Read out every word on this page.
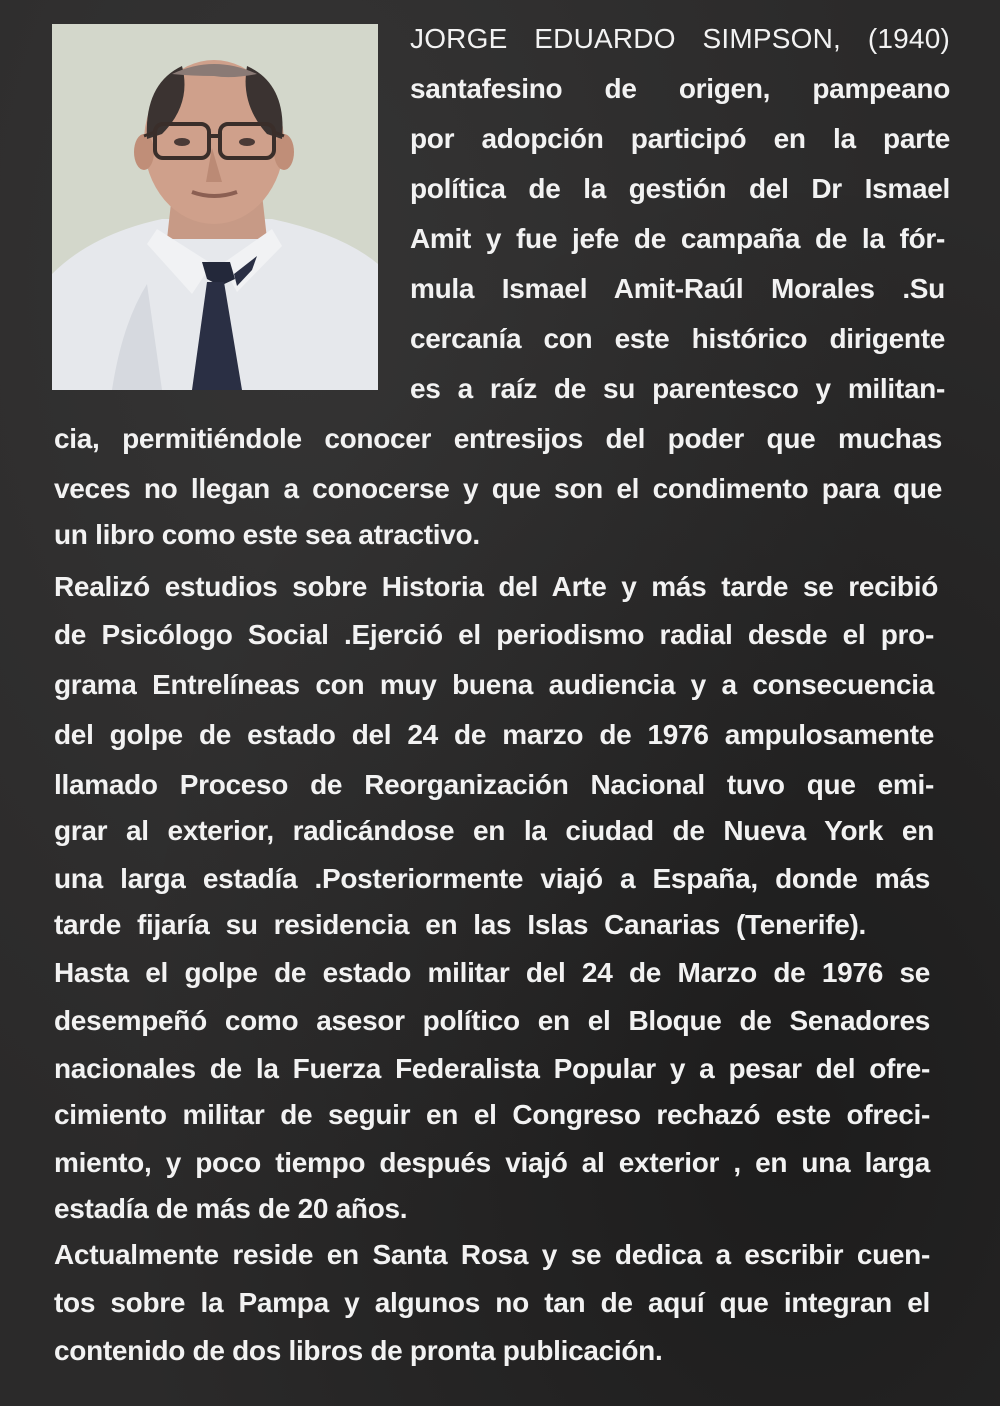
JORGE EDUARDO SIMPSON, (1940)
santafesino de origen, pampeano
por adopción participó en la parte
política de la gestión del Dr Ismael
Amit y fue jefe de campaña de la fór-
mula Ismael Amit-Raúl Morales .Su
cercanía con este histórico dirigente
es a raíz de su parentesco y militan-
cia, permitiéndole conocer entresijos del poder que muchas
veces no llegan a conocerse y que son el condimento para que
un libro como este sea atractivo.
Realizó estudios sobre Historia del Arte y más tarde se recibió
de Psicólogo Social .Ejerció el periodismo radial desde el pro-
grama Entrelíneas con muy buena audiencia y a consecuencia
del golpe de estado del 24 de marzo de 1976 ampulosamente
llamado Proceso de Reorganización Nacional tuvo que emi-
grar al exterior, radicándose en la ciudad de Nueva York en
una larga estadía .Posteriormente viajó a España, donde más
tarde fijaría su residencia en las Islas Canarias (Tenerife).
Hasta el golpe de estado militar del 24 de Marzo de 1976 se
desempeñó como asesor político en el Bloque de Senadores
nacionales de la Fuerza Federalista Popular y a pesar del ofre-
cimiento militar de seguir en el Congreso rechazó este ofreci-
miento, y poco tiempo después viajó al exterior , en una larga
estadía de más de 20 años.
Actualmente reside en Santa Rosa y se dedica a escribir cuen-
tos sobre la Pampa y algunos no tan de aquí que integran el
contenido de dos libros de pronta publicación.
